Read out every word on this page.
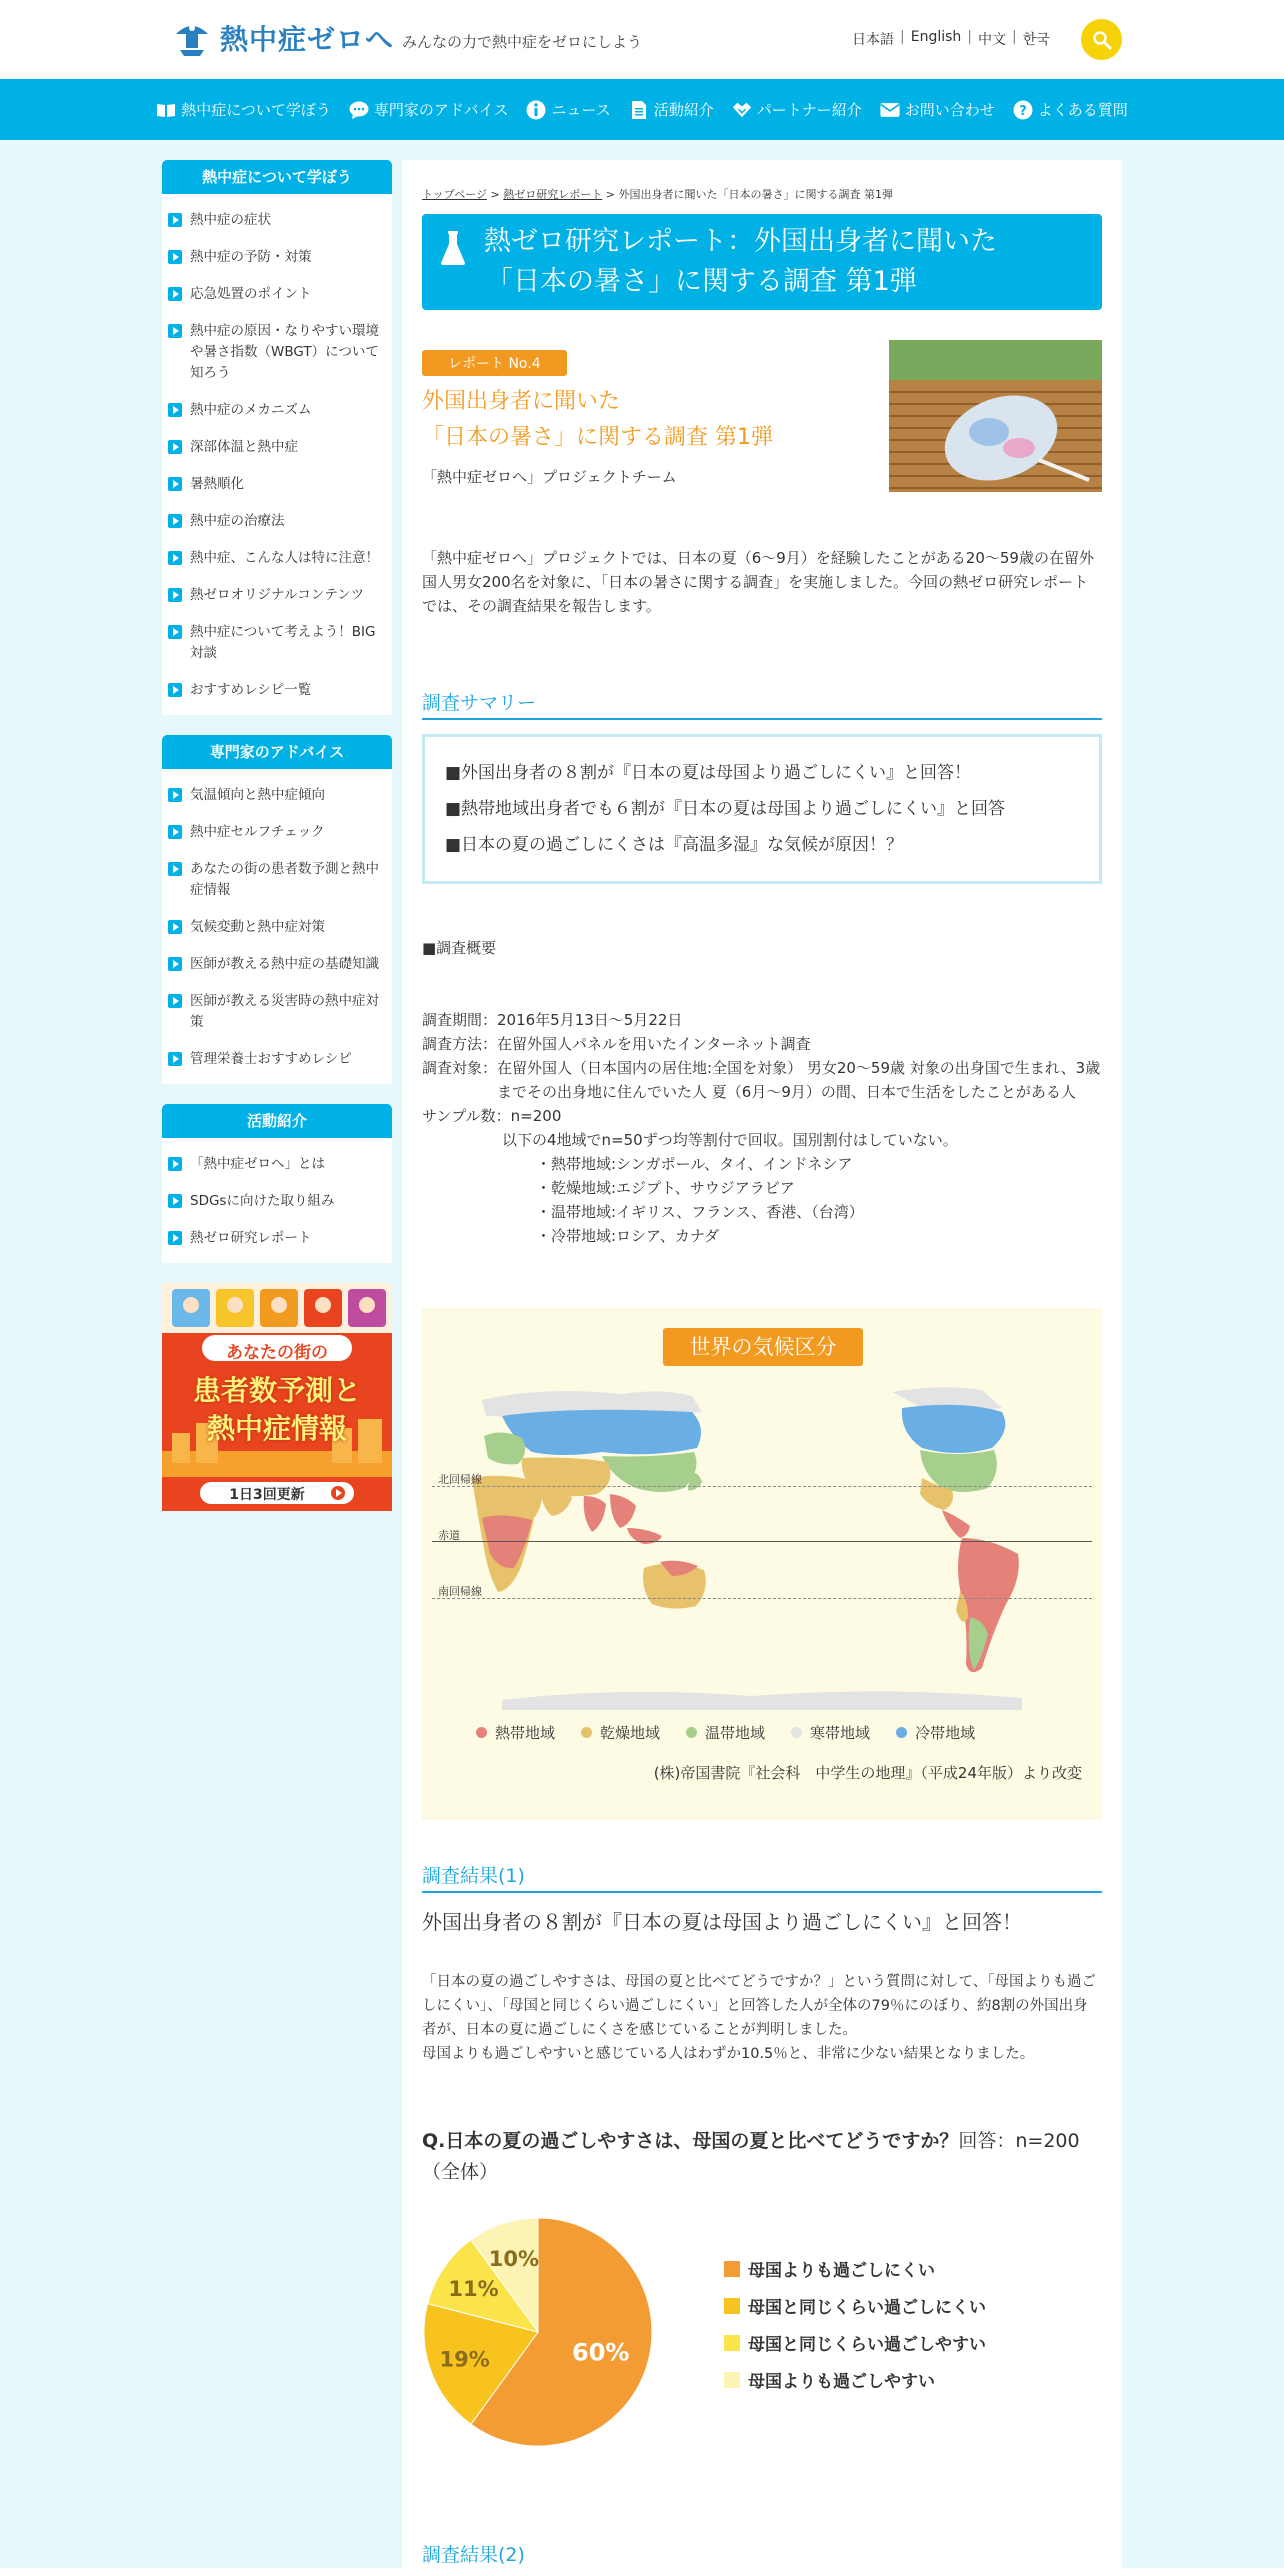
熱中症ゼロへ みんなの力で熱中症をゼロにしよう	日本語 | English | 中文 | 한국
熱中症について学ぼう	専門家のアドバイス	ニュース	活動紹介	パートナー紹介	お問い合わせ ? よくある質問
熱中症について学ぼう
熱中症の症状
熱中症の予防・対策
応急処置のポイント
熱中症の原因・なりやすい環境や暑さ指数（WBGT）について知ろう
熱中症のメカニズム
深部体温と熱中症
暑熱順化
熱中症の治療法
熱中症、こんな人は特に注意！
熱ゼロオリジナルコンテンツ
熱中症について考えよう！BIG対談
おすすめレシピ一覧
専門家のアドバイス
気温傾向と熱中症傾向
熱中症セルフチェック
あなたの街の患者数予測と熱中症情報
気候変動と熱中症対策
医師が教える熱中症の基礎知識
医師が教える災害時の熱中症対策
管理栄養士おすすめレシピ
活動紹介
「熱中症ゼロへ」とは
SDGsに向けた取り組み
熱ゼロ研究レポート
あなたの街の
患者数予測と
熱中症情報
1日3回更新
トップページ > 熱ゼロ研究レポート > 外国出身者に聞いた「日本の暑さ」に関する調査 第1弾
熱ゼロ研究レポート：外国出身者に聞いた
「日本の暑さ」に関する調査 第1弾
レポート No.4
外国出身者に聞いた
「日本の暑さ」に関する調査 第1弾
「熱中症ゼロへ」プロジェクトチーム

「熱中症ゼロへ」プロジェクトでは、日本の夏（6～9月）を経験したことがある20～59歳の在留外国人男女200名を対象に、「日本の暑さに関する調査」を実施しました。今回の熱ゼロ研究レポートでは、その調査結果を報告します。

調査サマリー

■外国出身者の８割が『日本の夏は母国より過ごしにくい』と回答！

■熱帯地域出身者でも６割が『日本の夏は母国より過ごしにくい』と回答

■日本の夏の過ごしにくさは『高温多湿』な気候が原因！？

■調査概要
調査期間：2016年5月13日～5月22日
調査方法：在留外国人パネルを用いたインターネット調査
調査対象： 在留外国人（日本国内の居住地:全国を対象） 男女20～59歳 対象の出身国で生まれ、3歳までその出身地に住んでいた人 夏（6月～9月）の間、日本で生活をしたことがある人
サンプル数：n=200
以下の4地域でn=50ずつ均等割付で回収。国別割付はしていない。
・熱帯地域:シンガポール、タイ、インドネシア
・乾燥地域:エジプト、サウジアラビア
・温帯地域:イギリス、フランス、香港、（台湾）
・冷帯地域:ロシア、カナダ
世界の気候区分
北回帰線
赤道
南回帰線
熱帯地域	乾燥地域	温帯地域	寒帯地域	冷帯地域
(株)帝国書院『社会科　中学生の地理』（平成24年版）より改変
調査結果(1)
外国出身者の８割が『日本の夏は母国より過ごしにくい』と回答！
「日本の夏の過ごしやすさは、母国の夏と比べてどうですか？」という質問に対して、「母国よりも過ごしにくい」、「母国と同じくらい過ごしにくい」と回答した人が全体の79％にのぼり、約8割の外国出身者が、日本の夏に過ごしにくさを感じていることが判明しました。
母国よりも過ごしやすいと感じている人はわずか10.5％と、非常に少ない結果となりました。
Q.日本の夏の過ごしやすさは、母国の夏と比べてどうですか？回答：n=200（全体）
60%
19%
11%
10%
母国よりも過ごしにくい
母国と同じくらい過ごしにくい
母国と同じくらい過ごしやすい
母国よりも過ごしやすい
調査結果(2)
